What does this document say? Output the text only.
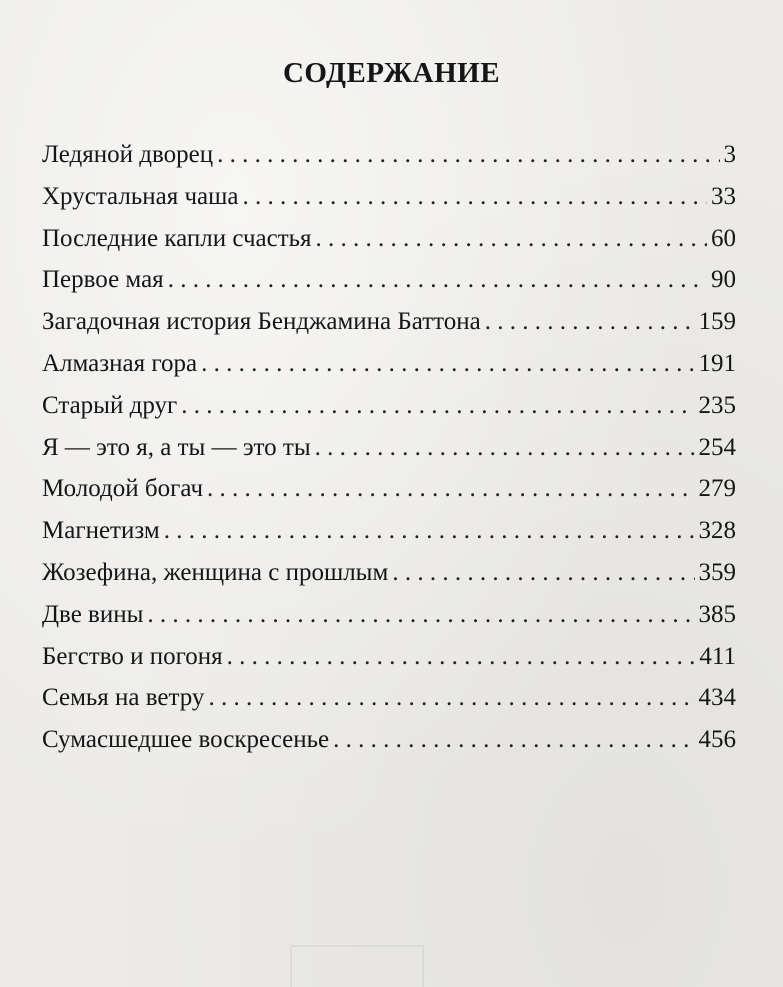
СОДЕРЖАНИЕ
Ледяной дворец . . .	3
Хрустальная чаша . . .	33
Последние капли счастья . . .	60
Первое мая . . .	90
Загадочная история Бенджамина Баттона . . .	159
Алмазная гора . . .	191
Старый друг . . .	235
Я — это я, а ты — это ты . . .	254
Молодой богач . . .	279
Магнетизм . . .	328
Жозефина, женщина с прошлым . . .	359
Две вины . . .	385
Бегство и погоня . . .	411
Семья на ветру . . .	434
Сумасшедшее воскресенье . . .	456
